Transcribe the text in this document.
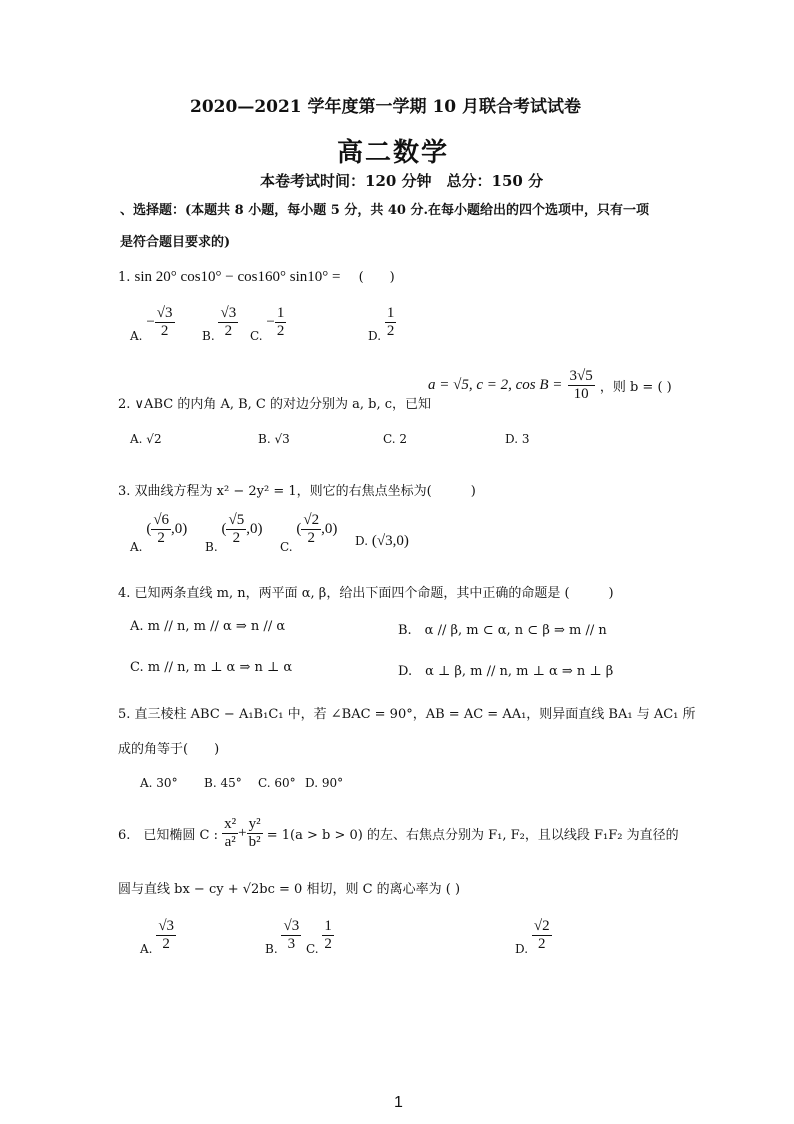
2020—2021 学年度第一学期 10 月联合考试试卷
高二数学
本卷考试时间：120 分钟　总分：150 分
、选择题：(本题共 8 小题，每小题 5 分，共 40 分.在每小题给出的四个选项中，只有一项
是符合题目要求的)
1. sin 20° cos10° − cos160° sin10° = (　　)
A. − $\frac{√3}{2} B$. $\frac{√3}{2} C$. − $\frac{1}{2}$	D. $\frac{1}{2}$
2. ∨ABC 的内角 A, B, C 的对边分别为 a, b, c，已知
a = √5, c = 2, $\cos B = \frac{3√5}{10}$ ，则 b = ( )
A. √2	B. √3	C. 2	D. 3
3. 双曲线方程为 x² − 2y² = 1，则它的右焦点坐标为(　　　)
A. ( $\frac{√6}{2} ,0$)
B. ( $\frac{√5}{2} ,0$)
C. ( $\frac{√2}{2} ,0$)
D. (√3,0)
4. 已知两条直线 m, n，两平面 α, β，给出下面四个命题，其中正确的命题是 (　　　)
A. m // n, m // α ⇒ n // α	B.　α // β, m ⊂ α, n ⊂ β ⇒ m // n
C. m // n, m ⊥ α ⇒ n ⊥ α	D.　α ⊥ β, m // n, m ⊥ α ⇒ n ⊥ β
5. 直三棱柱 ABC − A₁B₁C₁ 中，若 ∠BAC = 90°，AB = AC = AA₁，则异面直线 BA₁ 与 AC₁ 所
成的角等于(　　)
A. 30° B. 45° C. 60° D. 90°
6.　已知椭圆 C : $\frac{\text{x²}}{\text{a²}} + \frac{\text{y²}}{\text{b²}} = 1(a > b > 0)$ 的左、右焦点分别为 F₁, F₂，且以线段 F₁F₂ 为直径的
圆与直线 bx − cy + √2bc = 0 相切，则 C 的离心率为 ( )
A. $\frac{√3}{2}$	B. $\frac{√3}{3} C$. $\frac{1}{2}$	D. $\frac{√2}{2}$
1
